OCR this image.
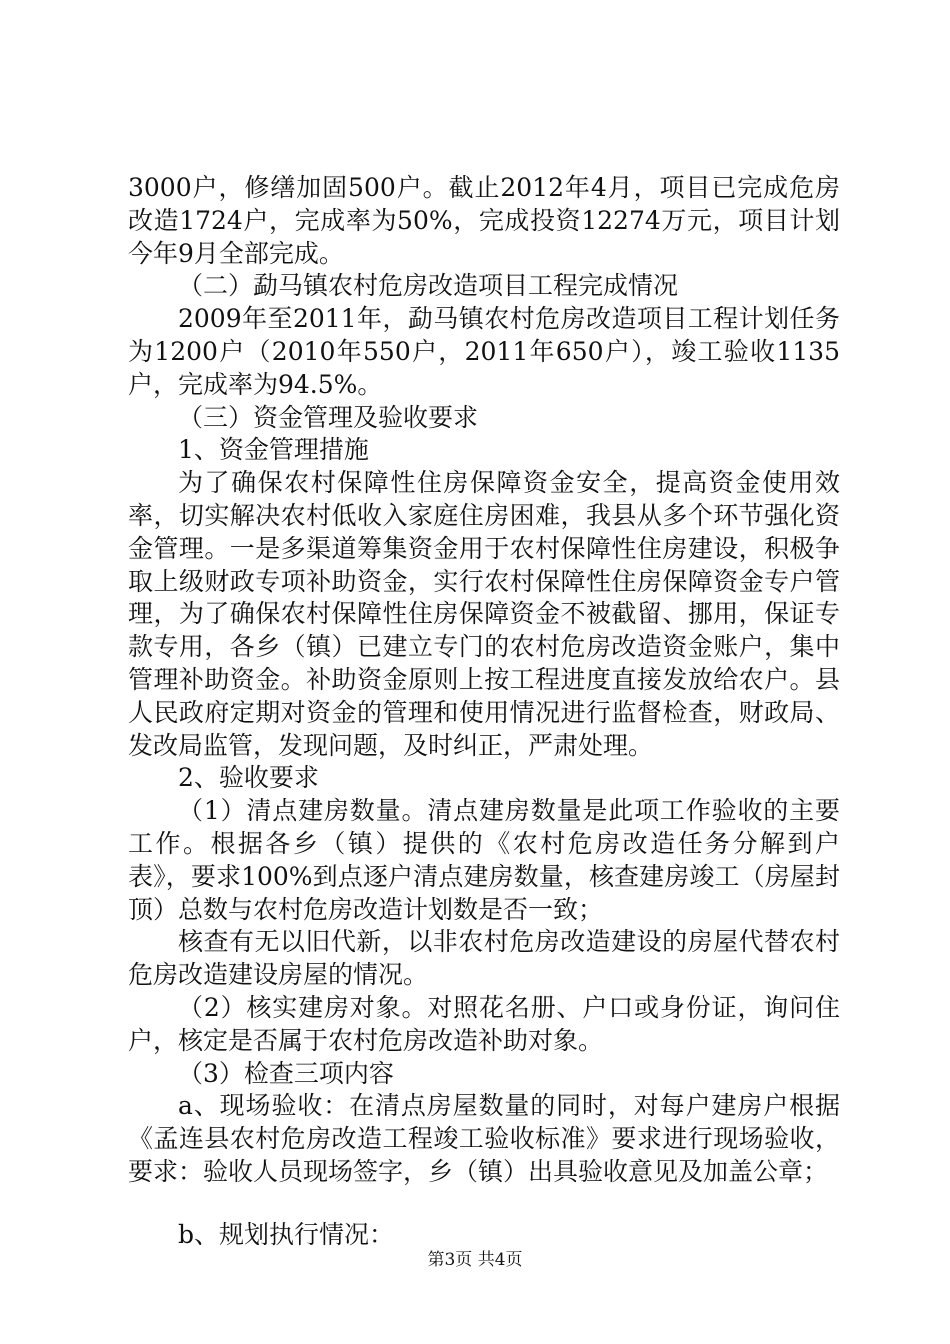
3000户，修缮加固500户。截止2012年4月，项目已完成危房改造1724户，完成率为50%，完成投资12274万元，项目计划今年9月全部完成。

（二）勐马镇农村危房改造项目工程完成情况

2009年至2011年，勐马镇农村危房改造项目工程计划任务为1200户（2010年550户，2011年650户），竣工验收1135户，完成率为94.5%。

（三）资金管理及验收要求

1、资金管理措施

为了确保农村保障性住房保障资金安全，提高资金使用效率，切实解决农村低收入家庭住房困难，我县从多个环节强化资金管理。一是多渠道筹集资金用于农村保障性住房建设，积极争取上级财政专项补助资金，实行农村保障性住房保障资金专户管理，为了确保农村保障性住房保障资金不被截留、挪用，保证专款专用，各乡（镇）已建立专门的农村危房改造资金账户，集中管理补助资金。补助资金原则上按工程进度直接发放给农户。县人民政府定期对资金的管理和使用情况进行监督检查，财政局、发改局监管，发现问题，及时纠正，严肃处理。

2、验收要求

（1）清点建房数量。清点建房数量是此项工作验收的主要工作。根据各乡（镇）提供的《农村危房改造任务分解到户表》，要求100%到点逐户清点建房数量，核查建房竣工（房屋封顶）总数与农村危房改造计划数是否一致；

核查有无以旧代新，以非农村危房改造建设的房屋代替农村危房改造建设房屋的情况。

（2）核实建房对象。对照花名册、户口或身份证，询问住户，核定是否属于农村危房改造补助对象。

（3）检查三项内容

a、现场验收：在清点房屋数量的同时，对每户建房户根据《孟连县农村危房改造工程竣工验收标准》要求进行现场验收，要求：验收人员现场签字，乡（镇）出具验收意见及加盖公章；

b、规划执行情况：

第3页 共4页
